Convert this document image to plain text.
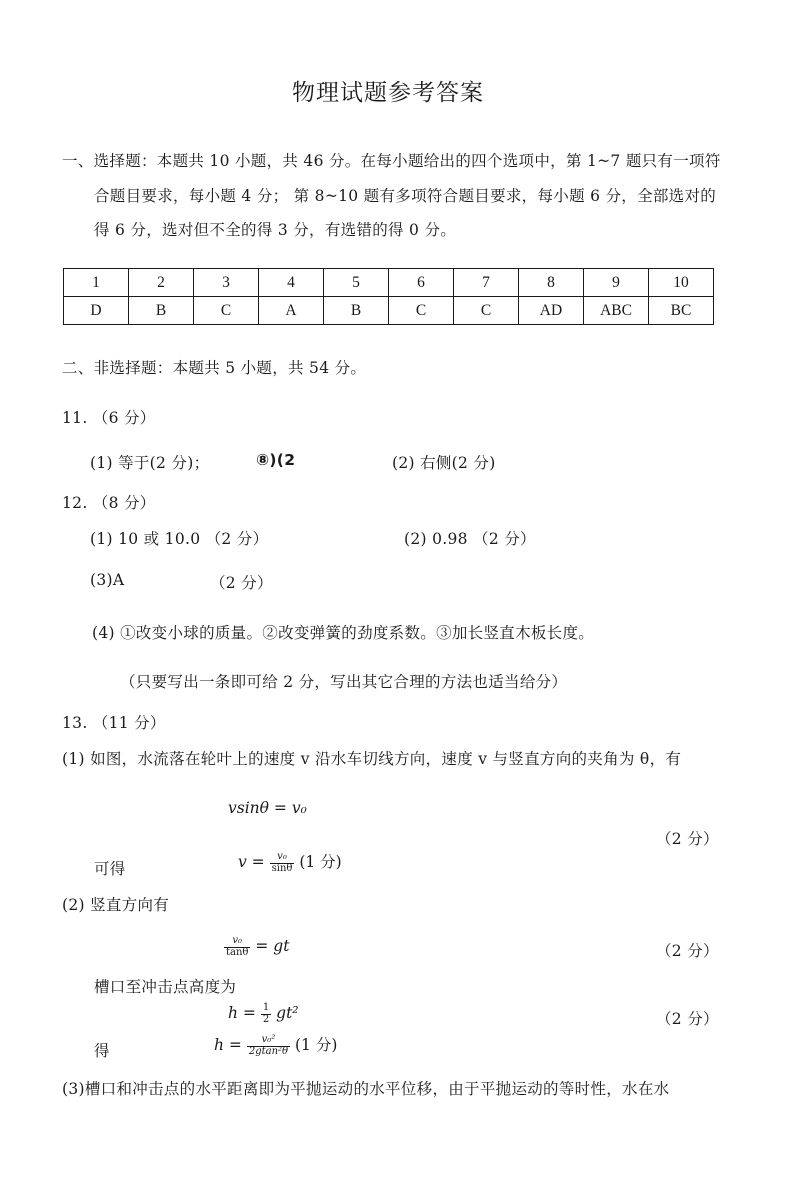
物理试题参考答案
一、选择题：本题共 10 小题，共 46 分。在每小题给出的四个选项中，第 1~7 题只有一项符
合题目要求，每小题 4 分； 第 8~10 题有多项符合题目要求，每小题 6 分，全部选对的
得 6 分，选对但不全的得 3 分，有选错的得 0 分。
1	2	3	4	5	6	7	8	9	10
D	B	C	A	B	C	C	AD	ABC	BC
二、非选择题：本题共 5 小题，共 54 分。
11. （6 分）
(1) 等于(2 分)；	⑧)(2	(2) 右侧(2 分)
12. （8 分）
(1) 10 或 10.0 （2 分）	(2) 0.98 （2 分）
(3)A	（2 分）
(4) ①改变小球的质量。②改变弹簧的劲度系数。③加长竖直木板长度。
（只要写出一条即可给 2 分，写出其它合理的方法也适当给分）
13. （11 分）
(1) 如图，水流落在轮叶上的速度 v 沿水车切线方向，速度 v 与竖直方向的夹角为 θ，有
vsinθ = v₀
（2 分）
可得	$v = \frac{\text{v₀}}{\sin\theta} (1$ 分)
(2) 竖直方向有
$\frac{\text{v₀}}{\tan\theta}$ = gt	（2 分）
槽口至冲击点高度为
$h = \frac{1}{2} gt^2$	（2 分）
得	$h = \frac{\text{v₀²}}{\text{2gtan²θ}} (1$ 分)
(3)槽口和冲击点的水平距离即为平抛运动的水平位移，由于平抛运动的等时性，水在水
